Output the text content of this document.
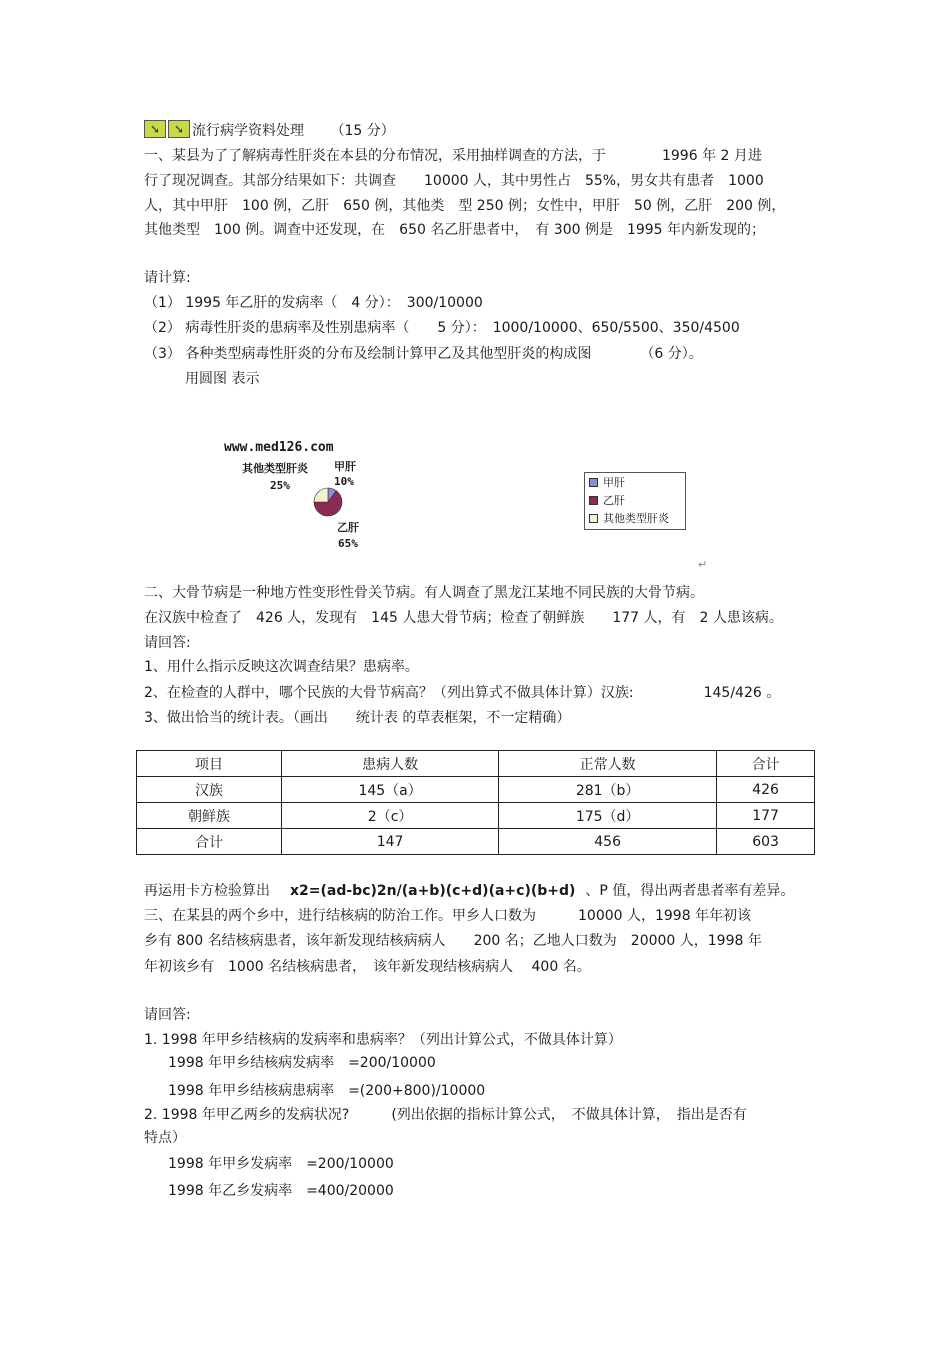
➘	➘ 流行病学资料处理 （15 分）
一、某县为了了解病毒性肝炎在本县的分布情况，采用抽样调查的方法，于　　　　1996 年 2 月进
行了现况调查。其部分结果如下：共调查　　10000 人，其中男性占　55%，男女共有患者　1000
人，其中甲肝　100 例，乙肝　650 例，其他类　型 250 例；女性中，甲肝　50 例，乙肝　200 例，
其他类型　100 例。调查中还发现，在　650 名乙肝患者中，　有 300 例是　1995 年内新发现的；
请计算:
（1） 1995 年乙肝的发病率（　4 分）：　300/10000
（2） 病毒性肝炎的患病率及性别患病率（　　5 分）：　1000/10000、650/5500、350/4500
（3） 各种类型病毒性肝炎的分布及绘制计算甲乙及其他型肝炎的构成图　　　　（6 分）。
用圆图 表示
www.med126.com
其他类型肝炎
25%
甲肝
10%
乙肝
65%
甲肝
乙肝
其他类型肝炎
↵
二、大骨节病是一种地方性变形性骨关节病。有人调查了黑龙江某地不同民族的大骨节病。
在汉族中检查了　426 人，发现有　145 人患大骨节病；检查了朝鲜族　　177 人，有　2 人患该病。
请回答:
1、用什么指示反映这次调查结果？患病率。
2、在检查的人群中，哪个民族的大骨节病高？（列出算式不做具体计算）汉族:　　　　　145/426 。
3、做出恰当的统计表。（画出　　统计表 的草表框架，不一定精确）
项目	患病人数	正常人数	合计
汉族	145（a）	281（b）	426
朝鲜族	2（c）	175（d）	177
合计	147	456	603
再运用卡方检验算出 x2=(ad-bc)2n/(a+b)(c+d)(a+c)(b+d) 、P 值，得出两者患者率有差异。
三、在某县的两个乡中，进行结核病的防治工作。甲乡人口数为　　　10000 人，1998 年年初该
乡有 800 名结核病患者，该年新发现结核病病人　　200 名；乙地人口数为　20000 人，1998 年
年初该乡有　1000 名结核病患者，　该年新发现结核病病人　 400 名。
请回答:
1. 1998 年甲乡结核病的发病率和患病率？（列出计算公式，不做具体计算）
1998 年甲乡结核病发病率　=200/10000
1998 年甲乡结核病患病率　=(200+800)/10000
2. 1998 年甲乙两乡的发病状况?　　　(列出依据的指标计算公式，　不做具体计算，　指出是否有
特点）
1998 年甲乡发病率　=200/10000
1998 年乙乡发病率　=400/20000
